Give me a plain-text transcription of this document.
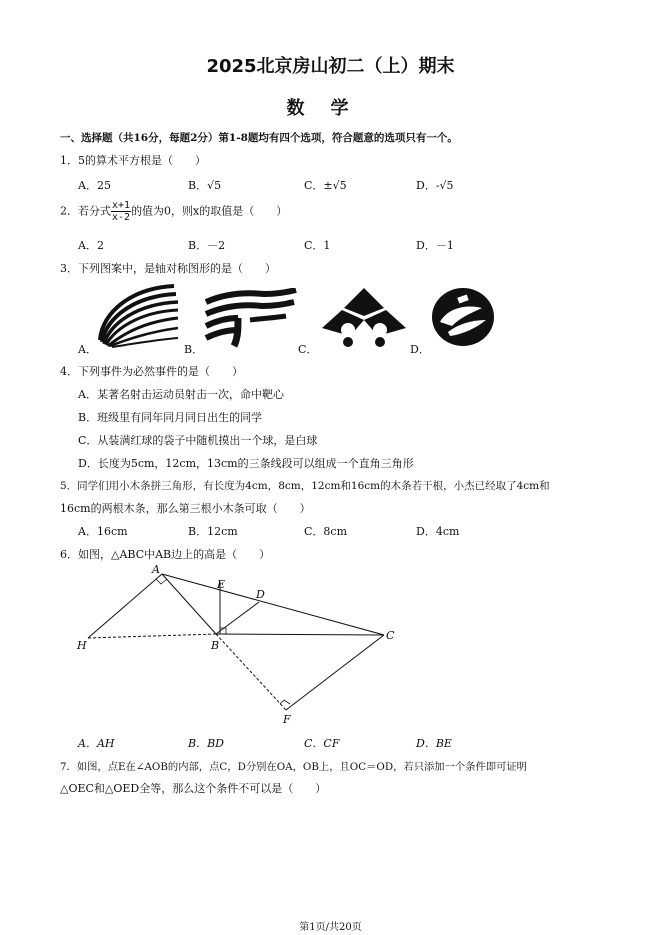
2025北京房山初二（上）期末
数学
一、选择题（共16分，每题2分）第1-8题均有四个选项，符合题意的选项只有一个。
1．5的算术平方根是（　　）
A．25	B．√5	C．±√5	D．-√5
2．若分式 $\frac{x+1}{x-2}$ 的值为0，则x的取值是（　　）
A．2	B．－2	C．1	D．－1
3．下列图案中，是轴对称图形的是（　　）
A．	B．	C．	D．
4．下列事件为必然事件的是（　　）
A．某著名射击运动员射击一次，命中靶心
B．班级里有同年同月同日出生的同学
C．从装满红球的袋子中随机摸出一个球，是白球
D．长度为5cm，12cm，13cm的三条线段可以组成一个直角三角形
5．同学们用小木条拼三角形，有长度为4cm，8cm，12cm和16cm的木条若干根，小杰已经取了4cm和
16cm的两根木条，那么第三根小木条可取（　　）
A．16cm	B．12cm	C．8cm	D．4cm
6．如图，△ABC中AB边上的高是（　　）
A
E
D
H	B
C
F
A．AH	B．BD	C．CF	D．BE
7．如图，点E在∠AOB的内部，点C，D分别在OA，OB上，且OC＝OD，若只添加一个条件即可证明
△OEC和△OED全等，那么这个条件不可以是（　　）
第1页/共20页
